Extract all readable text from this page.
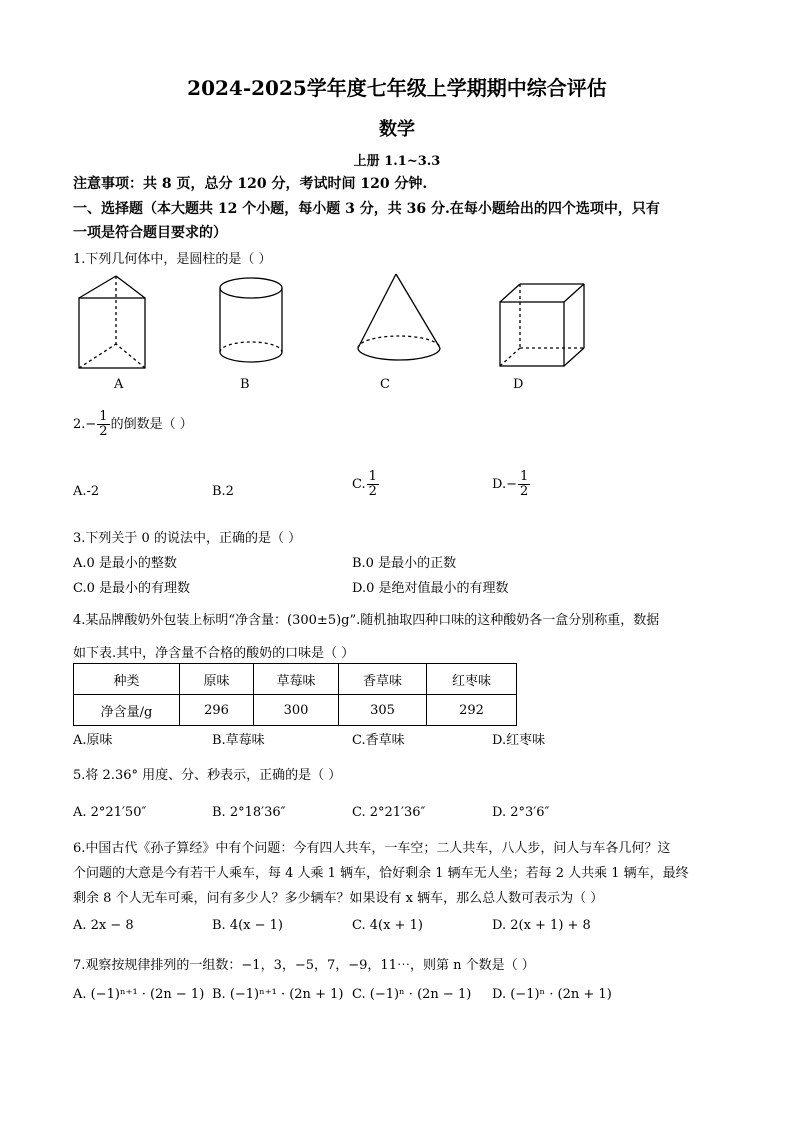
2024-2025学年度七年级上学期期中综合评估
数学
上册 1.1~3.3
注意事项：共 8 页，总分 120 分，考试时间 120 分钟.
一、选择题（本大题共 12 个小题，每小题 3 分，共 36 分.在每小题给出的四个选项中，只有
一项是符合题目要求的）
1.下列几何体中，是圆柱的是（ ）
A	B	C	D
$2.- \frac{1}{2}$ 的倒数是（ ）
A.-2	B.2	C. $\frac{1}{2}$	$D.- \frac{1}{2}$
3.下列关于 0 的说法中，正确的是（ ）
A.0 是最小的整数	B.0 是最小的正数
C.0 是最小的有理数	D.0 是绝对值最小的有理数
4.某品牌酸奶外包装上标明“净含量：(300±5)g”.随机抽取四种口味的这种酸奶各一盒分别称重，数据
如下表.其中，净含量不合格的酸奶的口味是（ ）
种类	原味	草莓味	香草味	红枣味
净含量/g	296	300	305	292
A.原味	B.草莓味	C.香草味	D.红枣味
5.将 2.36° 用度、分、秒表示，正确的是（ ）
A. 2°21′50″	B. 2°18′36″	C. 2°21′36″	D. 2°3′6″
6.中国古代《孙子算经》中有个问题：今有四人共车，一车空；二人共车，八人步，问人与车各几何？这
个问题的大意是今有若干人乘车，每 4 人乘 1 辆车，恰好剩余 1 辆车无人坐；若每 2 人共乘 1 辆车，最终
剩余 8 个人无车可乘，问有多少人？多少辆车？如果设有 x 辆车，那么总人数可表示为（ ）
A. 2x − 8	B. 4(x − 1)	C. 4(x + 1)	D. 2(x + 1) + 8
7.观察按规律排列的一组数：−1，3，−5，7，−9，11⋯，则第 n 个数是（ ）
A. (−1)ⁿ⁺¹ · (2n − 1) B. (−1)ⁿ⁺¹ · (2n + 1) C. (−1)ⁿ · (2n − 1) D. (−1)ⁿ · (2n + 1)
